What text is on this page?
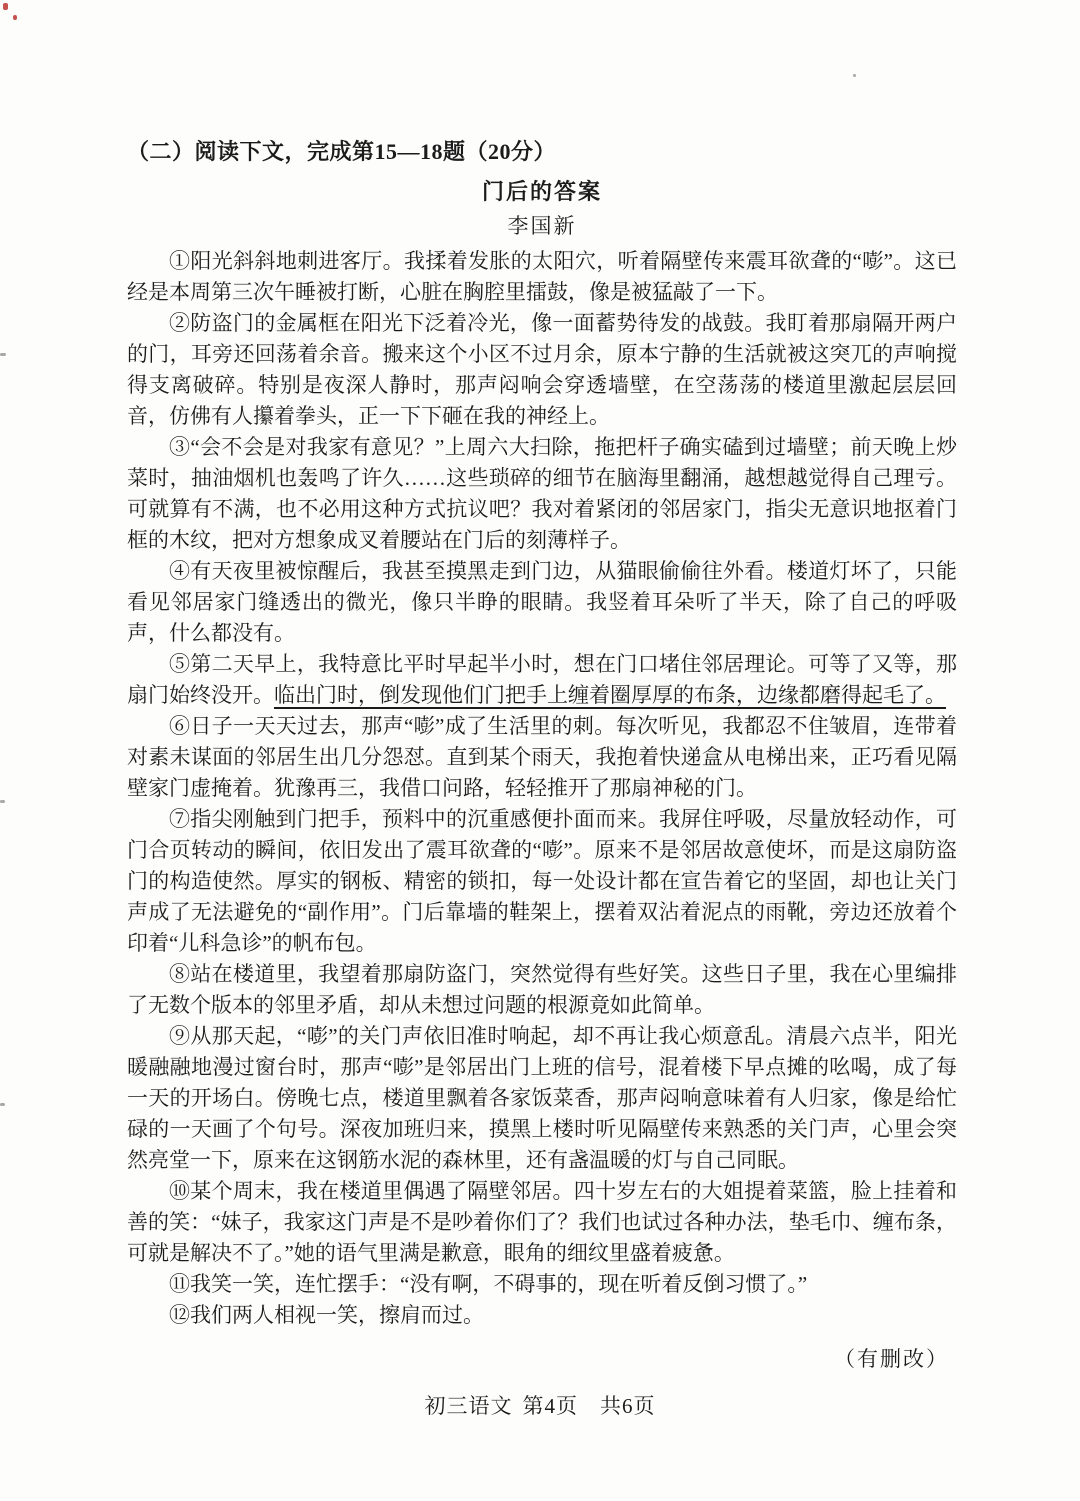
（二）阅读下文，完成第15—18题（20分）
门后的答案
李国新

①阳光斜斜地刺进客厅。我揉着发胀的太阳穴，听着隔壁传来震耳欲聋的“嘭”。这已经是本周第三次午睡被打断，心脏在胸腔里擂鼓，像是被猛敲了一下。

②防盗门的金属框在阳光下泛着冷光，像一面蓄势待发的战鼓。我盯着那扇隔开两户的门，耳旁还回荡着余音。搬来这个小区不过月余，原本宁静的生活就被这突兀的声响搅得支离破碎。特别是夜深人静时，那声闷响会穿透墙壁，在空荡荡的楼道里激起层层回音，仿佛有人攥着拳头，正一下下砸在我的神经上。

③“会不会是对我家有意见？”上周六大扫除，拖把杆子确实磕到过墙壁；前天晚上炒菜时，抽油烟机也轰鸣了许久……这些琐碎的细节在脑海里翻涌，越想越觉得自己理亏。可就算有不满，也不必用这种方式抗议吧？我对着紧闭的邻居家门，指尖无意识地抠着门框的木纹，把对方想象成叉着腰站在门后的刻薄样子。

④有天夜里被惊醒后，我甚至摸黑走到门边，从猫眼偷偷往外看。楼道灯坏了，只能看见邻居家门缝透出的微光，像只半睁的眼睛。我竖着耳朵听了半天，除了自己的呼吸声，什么都没有。

⑤第二天早上，我特意比平时早起半小时，想在门口堵住邻居理论。可等了又等，那扇门始终没开。临出门时，倒发现他们门把手上缠着圈厚厚的布条，边缘都磨得起毛了。

⑥日子一天天过去，那声“嘭”成了生活里的刺。每次听见，我都忍不住皱眉，连带着对素未谋面的邻居生出几分怨怼。直到某个雨天，我抱着快递盒从电梯出来，正巧看见隔壁家门虚掩着。犹豫再三，我借口问路，轻轻推开了那扇神秘的门。

⑦指尖刚触到门把手，预料中的沉重感便扑面而来。我屏住呼吸，尽量放轻动作，可门合页转动的瞬间，依旧发出了震耳欲聋的“嘭”。原来不是邻居故意使坏，而是这扇防盗门的构造使然。厚实的钢板、精密的锁扣，每一处设计都在宣告着它的坚固，却也让关门声成了无法避免的“副作用”。门后靠墙的鞋架上，摆着双沾着泥点的雨靴，旁边还放着个印着“儿科急诊”的帆布包。

⑧站在楼道里，我望着那扇防盗门，突然觉得有些好笑。这些日子里，我在心里编排了无数个版本的邻里矛盾，却从未想过问题的根源竟如此简单。

⑨从那天起，“嘭”的关门声依旧准时响起，却不再让我心烦意乱。清晨六点半，阳光暖融融地漫过窗台时，那声“嘭”是邻居出门上班的信号，混着楼下早点摊的吆喝，成了每一天的开场白。傍晚七点，楼道里飘着各家饭菜香，那声闷响意味着有人归家，像是给忙碌的一天画了个句号。深夜加班归来，摸黑上楼时听见隔壁传来熟悉的关门声，心里会突然亮堂一下，原来在这钢筋水泥的森林里，还有盏温暖的灯与自己同眠。

⑩某个周末，我在楼道里偶遇了隔壁邻居。四十岁左右的大姐提着菜篮，脸上挂着和善的笑：“妹子，我家这门声是不是吵着你们了？我们也试过各种办法，垫毛巾、缠布条，可就是解决不了。”她的语气里满是歉意，眼角的细纹里盛着疲惫。

⑪我笑一笑，连忙摆手：“没有啊，不碍事的，现在听着反倒习惯了。”

⑫我们两人相视一笑，擦肩而过。

（有删改）
初三语文 第4页 共6页
